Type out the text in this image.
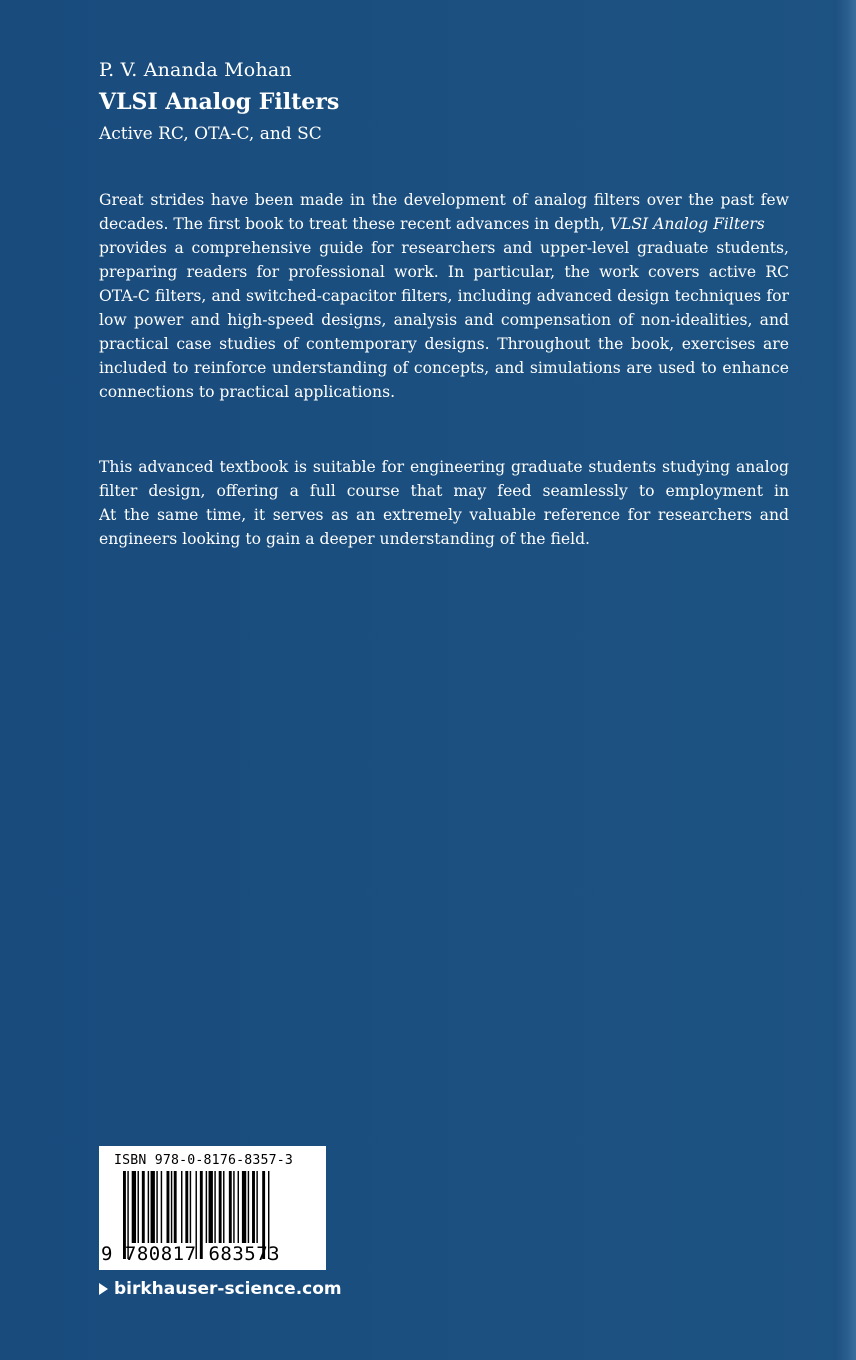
P. V. Ananda Mohan
VLSI Analog Filters
Active RC, OTA-C, and SC
Great strides have been made in the development of analog filters over the past few
decades. The first book to treat these recent advances in depth, VLSI Analog Filters
provides a comprehensive guide for researchers and upper-level graduate students,
preparing readers for professional work. In particular, the work covers active RC
OTA-C filters, and switched-capacitor filters, including advanced design techniques for
low power and high-speed designs, analysis and compensation of non-idealities, and
practical case studies of contemporary designs. Throughout the book, exercises are
included to reinforce understanding of concepts, and simulations are used to enhance
connections to practical applications.
This advanced textbook is suitable for engineering graduate students studying analog
filter design, offering a full course that may feed seamlessly to employment in
At the same time, it serves as an extremely valuable reference for researchers and
engineers looking to gain a deeper understanding of the field.
ISBN 978-0-8176-8357-3
9 780817 683573
birkhauser-science.com
